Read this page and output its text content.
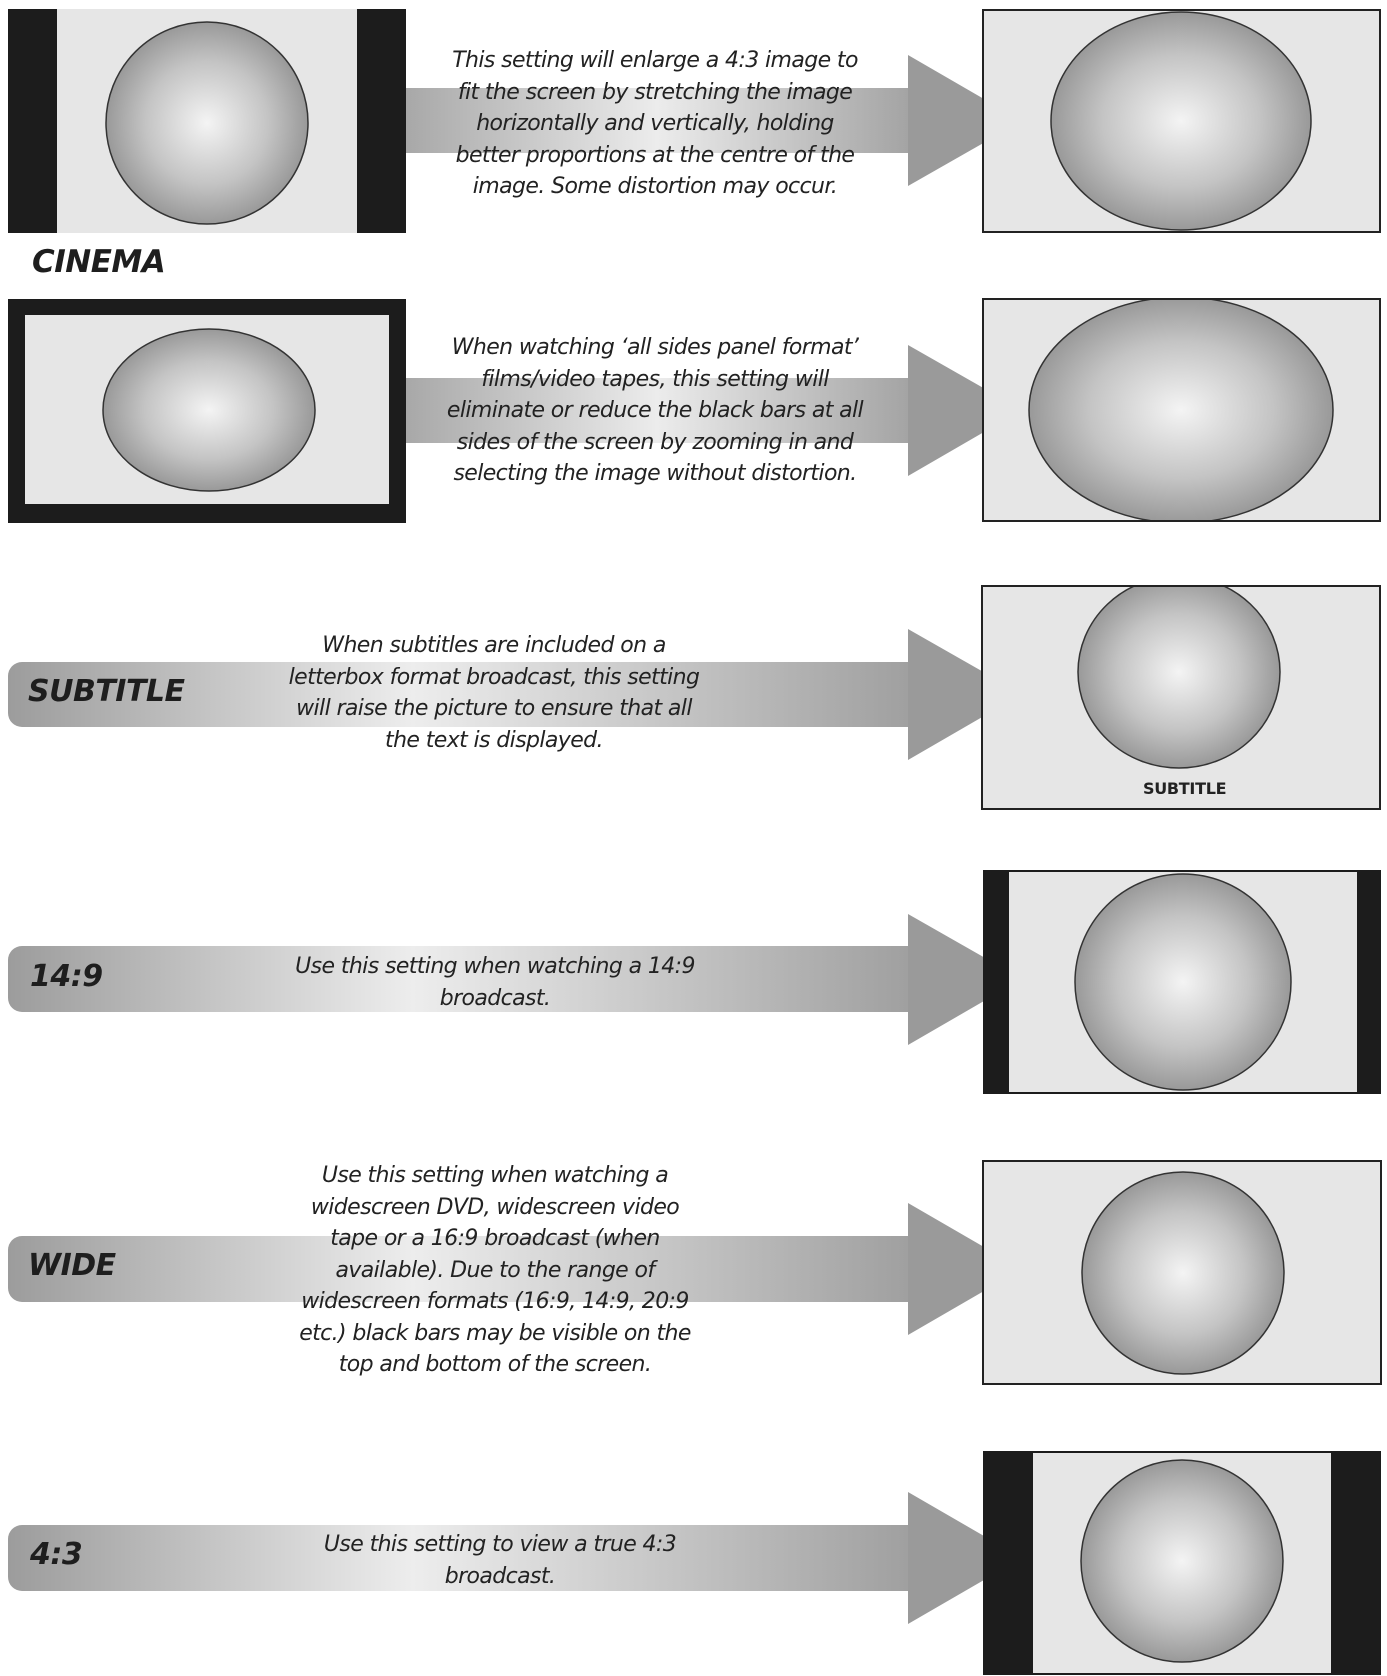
This setting will enlarge a 4:3 image to fit the screen by stretching the image horizontally and vertically, holding better proportions at the centre of the image. Some distortion may occur.
CINEMA
When watching ‘all sides panel format’ films/video tapes, this setting will eliminate or reduce the black bars at all sides of the screen by zooming in and selecting the image without distortion.
SUBTITLE
When subtitles are included on a letterbox format broadcast, this setting will raise the picture to ensure that all the text is displayed.
SUBTITLE
14:9	Use this setting when watching a 14:9 broadcast.
WIDE
Use this setting when watching a widescreen DVD, widescreen video tape or a 16:9 broadcast (when available). Due to the range of widescreen formats (16:9, 14:9, 20:9 etc.) black bars may be visible on the top and bottom of the screen.
4:3	Use this setting to view a true 4:3 broadcast.
